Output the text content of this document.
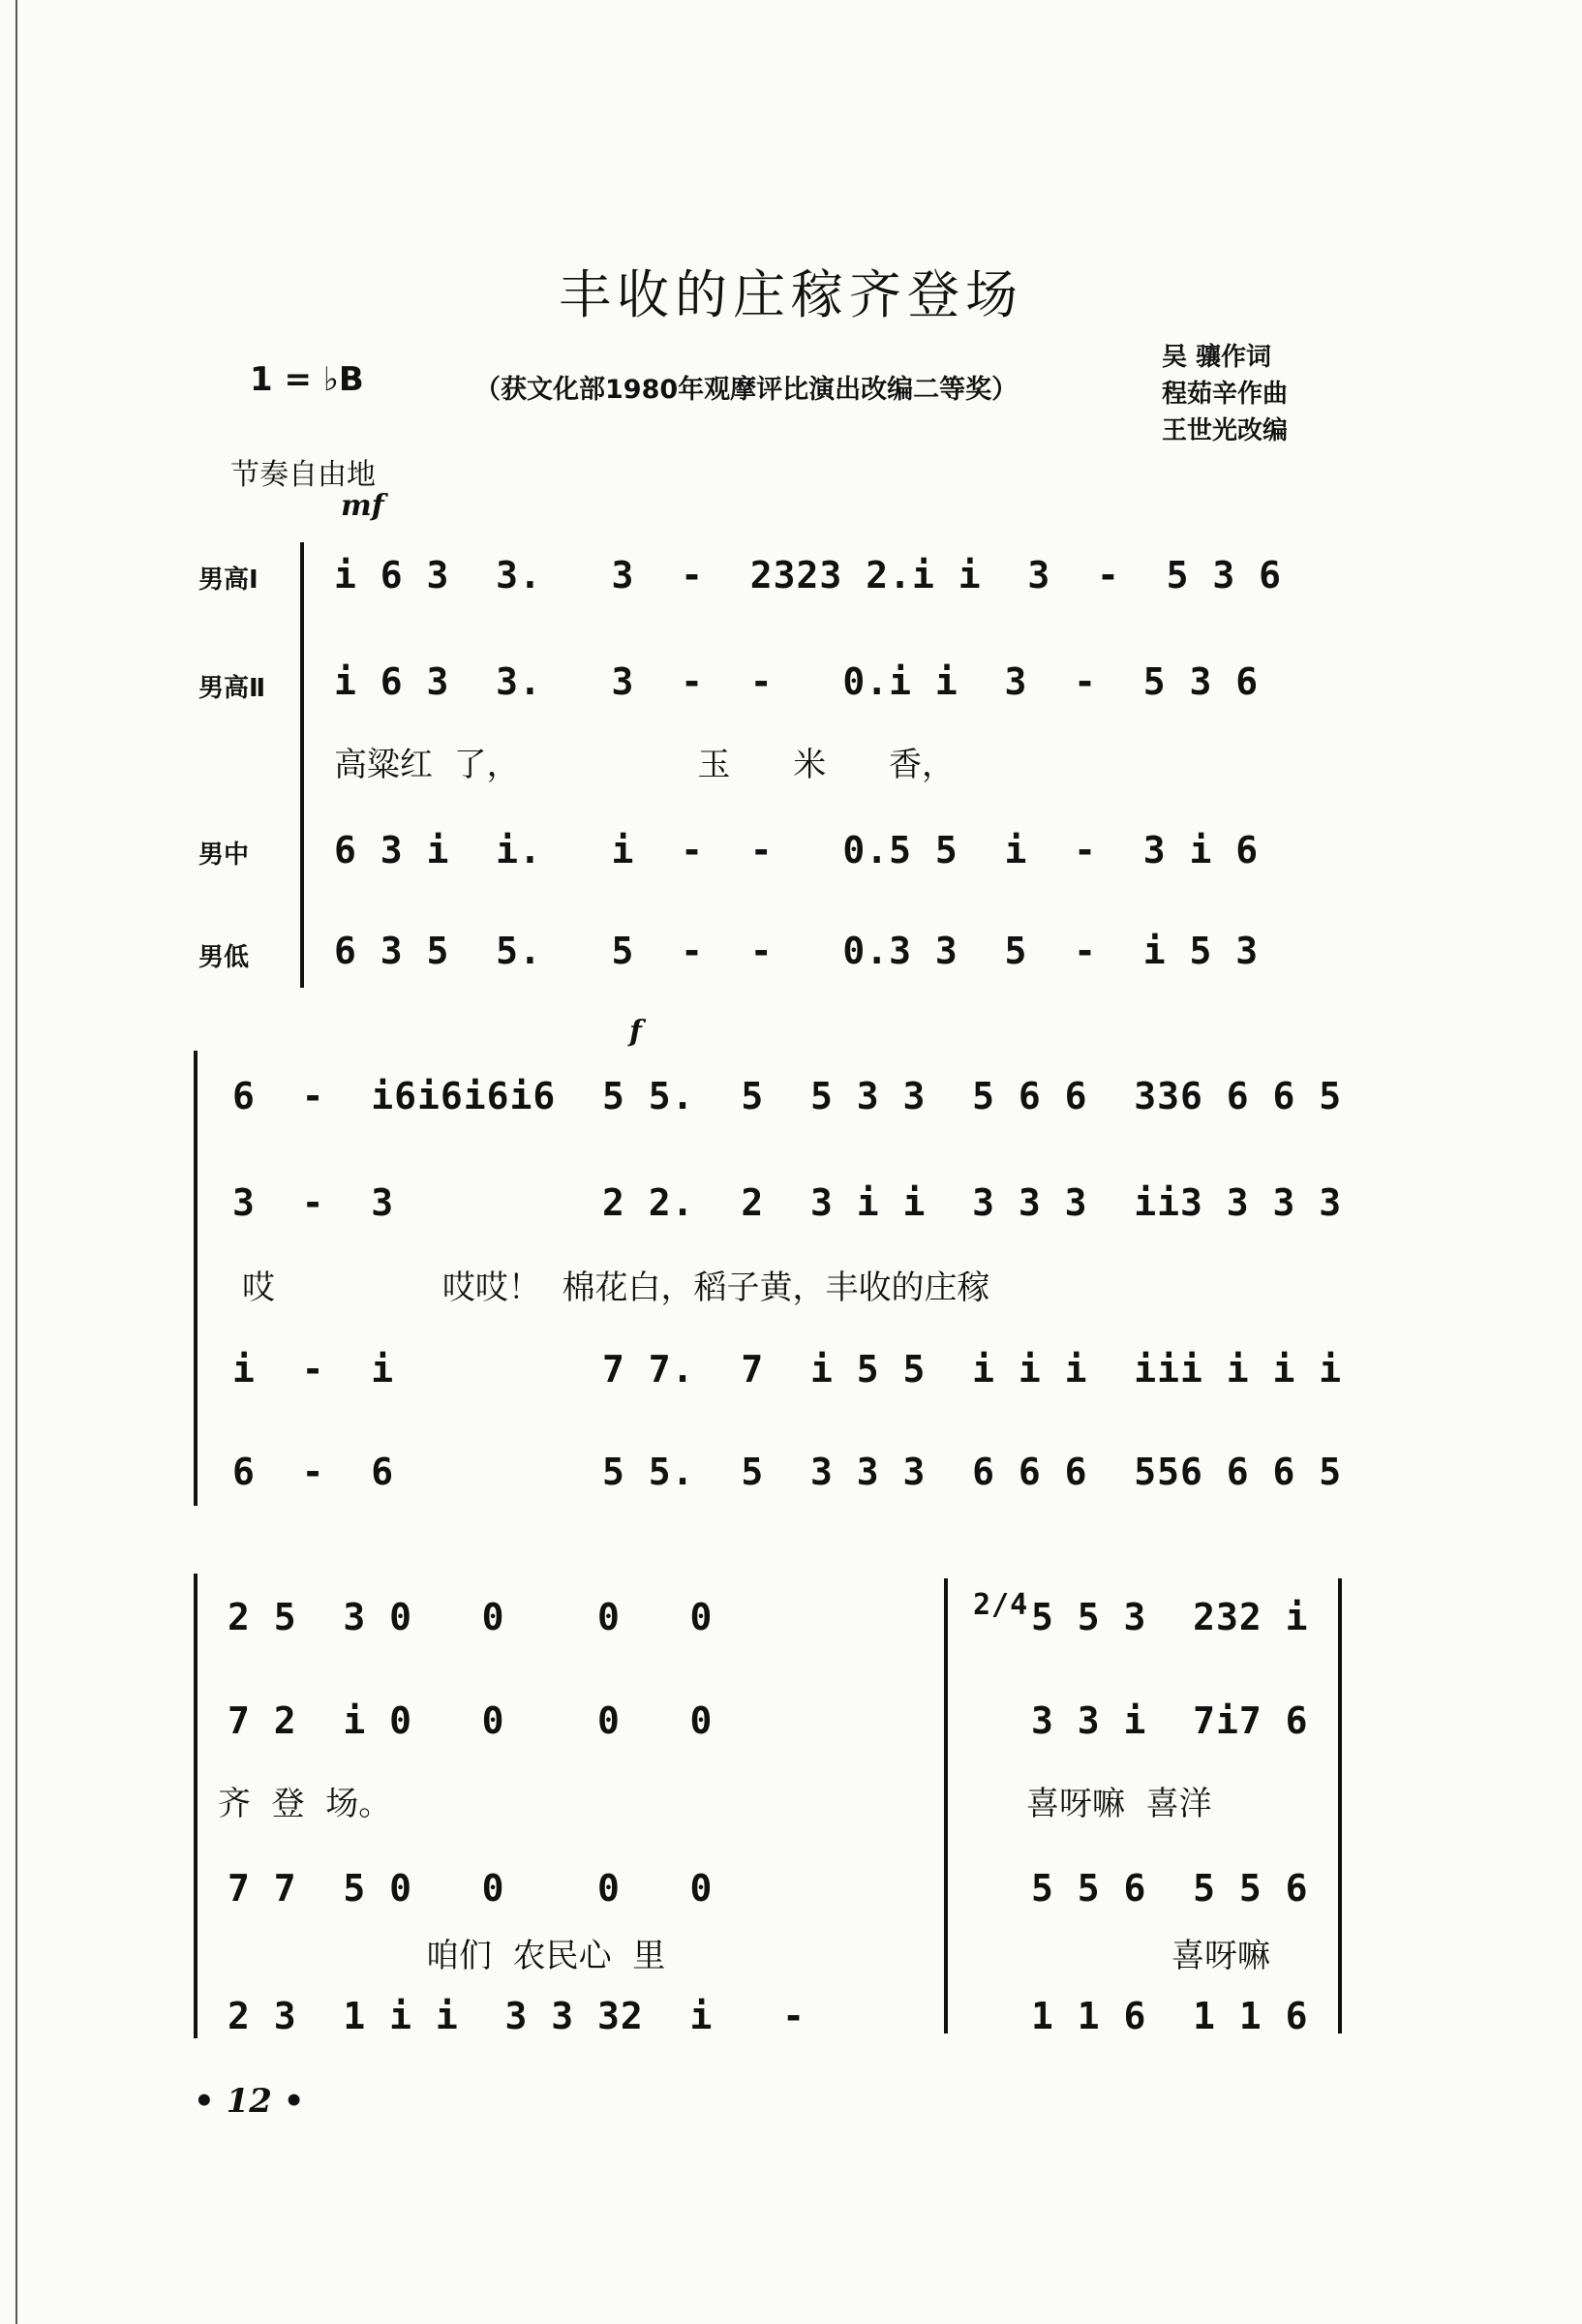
丰收的庄稼齐登场
1 = ♭B	（获文化部1980年观摩评比演出改编二等奖）
吴 骧作词
程茹辛作曲
王世光改编
节奏自由地
mf
男高Ⅰ
男高Ⅱ
男中
男低
i 6 3  3.   3  -  2323 2.i i  3  -  5 3 6
i 6 3  3.   3  -  -   0.i i  3  -  5 3 6
高粱红  了，                 玉      米      香，
6 3 i  i.   i  -  -   0.5 5  i  -  3 i 6
6 3 5  5.   5  -  -   0.3 3  5  -  i 5 3
f
6  -  i6i6i6i6  5 5.  5  5 3 3  5 6 6  336 6 6 5
3  -  3         2 2.  2  3 i i  3 3 3  ii3 3 3 3
哎                哎哎！  棉花白，稻子黄，丰收的庄稼
i  -  i         7 7.  7  i 5 5  i i i  iii i i i
6  -  6         5 5.  5  3 3 3  6 6 6  556 6 6 5
2 5  3 0   0    0   0	5 5 3  232 i
7 2  i 0   0    0   0	3 3 i  7i7 6
齐  登  场。	喜呀嘛  喜洋
7 7  5 0   0    0   0	5 5 6  5 5 6
咱们  农民心  里	喜呀嘛
2 3  1 i i  3 3 32  i   -	1 1 6  1 1 6
2/4
• 12 •
